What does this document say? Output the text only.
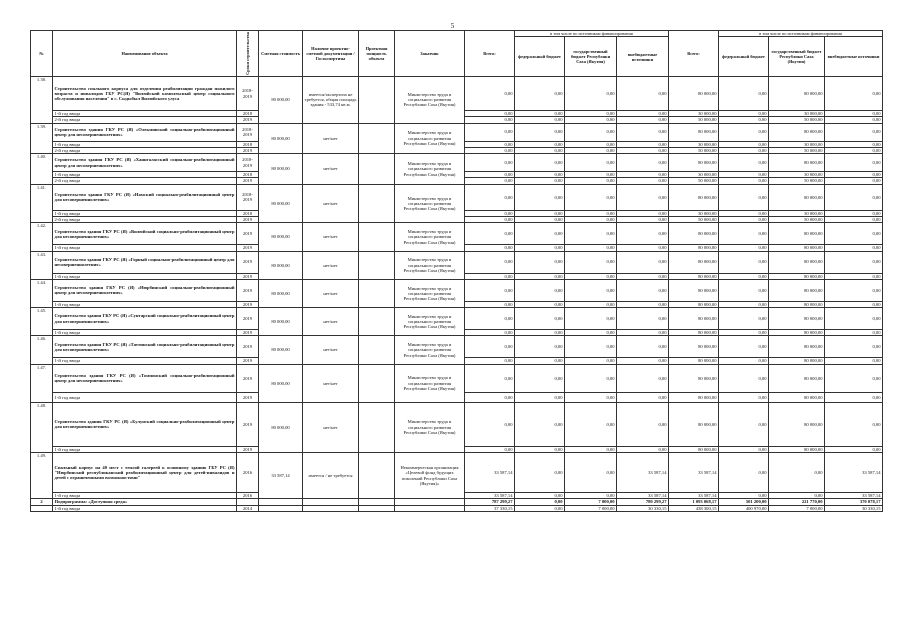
5
№	Наименование объекта	Сроки строительства	Сметная стоимость	Наличие проектно-сметной документации / Госэкспертизы	Проектная мощность объекта	Заказчик	Всего:	в том числе по источникам финансирования			Всего:	в том числе по источникам финансирования		
								федеральный бюджет	государственный бюджет Республики Саха (Якутия)	внебюджетные источники		федеральный бюджет	государственный бюджет Республики Саха (Якутия)	внебюджетные источники
1.38.	Строительство спального корпуса для отделения реабилитации граждан пожилого возраста и инвалидов ГБУ РС(Я) "Вилюйский комплексный центр социального обслуживания населения" в с. Сыдыбыл Вилюйского улуса	2018-2019	80 000,00	имеется/экспертиза не требуется, общая площадь здания - 533,74 кв.м.		Министерство труда и социального развития Республики Саха (Якутия)	0,00	0,00	0,00	0,00	80 000,00	0,00	80 000,00	0,00
	1-й год ввода	2018					0,00	0,00	0,00	0,00	30 000,00	0,00	30 000,00	0,00
	2-й год ввода	2019					0,00	0,00	0,00	0,00	50 000,00	0,00	50 000,00	0,00
1.39.	Строительство здания ГКУ РС (Я) «Олекминский социально-реабилитационный центр для несовершеннолетних»	2018-2019	80 000,00	нет/нет		Министерство труда и социального развития Республики Саха (Якутия)	0,00	0,00	0,00	0,00	80 000,00	0,00	80 000,00	0,00
	1-й год ввода	2018					0,00	0,00	0,00	0,00	30 000,00	0,00	30 000,00	0,00
	2-й год ввода	2019					0,00	0,00	0,00	0,00	50 000,00	0,00	50 000,00	0,00
1.40.	Строительство здания ГКУ РС (Я) «Ханнгаласский социально-реабилитационный центр для несовершеннолетних»	2018-2019	80 000,00	нет/нет		Министерство труда и социального развития Республики Саха (Якутия)	0,00	0,00	0,00	0,00	80 000,00	0,00	80 000,00	0,00
	1-й год ввода	2018					0,00	0,00	0,00	0,00	30 000,00	0,00	30 000,00	0,00
	2-й год ввода	2019					0,00	0,00	0,00	0,00	50 000,00	0,00	50 000,00	0,00
1.41.	Строительство здания ГКУ РС (Я) «Намский социально-реабилитационный центр для несовершеннолетних»	2018-2019	80 000,00	нет/нет		Министерство труда и социального развития Республики Саха (Якутия)	0,00	0,00	0,00	0,00	80 000,00	0,00	80 000,00	0,00
	1-й год ввода	2018					0,00	0,00	0,00	0,00	30 000,00	0,00	30 000,00	0,00
	2-й год ввода	2019					0,00	0,00	0,00	0,00	50 000,00	0,00	50 000,00	0,00
1.42.	Строительство здания ГКУ РС (Я) «Вилюйский социально-реабилитационный центр для несовершеннолетних»	2019	80 000,00	нет/нет		Министерство труда и социального развития Республики Саха (Якутия)	0,00	0,00	0,00	0,00	80 000,00	0,00	80 000,00	0,00
	1-й год ввода	2019					0,00	0,00	0,00	0,00	80 000,00	0,00	80 000,00	0,00
1.43.	Строительство здания ГКУ РС (Я) «Горный социально-реабилитационный центр для несовершеннолетних»	2019	80 000,00	нет/нет		Министерство труда и социального развития Республики Саха (Якутия)	0,00	0,00	0,00	0,00	80 000,00	0,00	80 000,00	0,00
	1-й год ввода	2019					0,00	0,00	0,00	0,00	80 000,00	0,00	80 000,00	0,00
1.44.	Строительство здания ГКУ РС (Я) «Нюрбинский социально-реабилитационный центр для несовершеннолетних»	2019	80 000,00	нет/нет		Министерство труда и социального развития Республики Саха (Якутия)	0,00	0,00	0,00	0,00	80 000,00	0,00	80 000,00	0,00
	1-й год ввода	2019					0,00	0,00	0,00	0,00	80 000,00	0,00	80 000,00	0,00
1.45.	Строительство здания ГКУ РС (Я) «Сунтарский социально-реабилитационный центр для несовершеннолетних»	2019	80 000,00	нет/нет		Министерство труда и социального развития Республики Саха (Якутия)	0,00	0,00	0,00	0,00	80 000,00	0,00	80 000,00	0,00
	1-й год ввода	2019					0,00	0,00	0,00	0,00	80 000,00	0,00	80 000,00	0,00
1.46.	Строительство здания ГКУ РС (Я) «Таттинский социально-реабилитационный центр для несовершеннолетних»	2019	80 000,00	нет/нет		Министерство труда и социального развития Республики Саха (Якутия)	0,00	0,00	0,00	0,00	80 000,00	0,00	80 000,00	0,00
	1-й год ввода	2019					0,00	0,00	0,00	0,00	80 000,00	0,00	80 000,00	0,00
1.47.	Строительство здания ГКУ РС (Я) «Томпонский социально-реабилитационный центр для несовершеннолетних»	2019	80 000,00	нет/нет		Министерство труда и социального развития Республики Саха (Якутия)	0,00	0,00	0,00	0,00	80 000,00	0,00	80 000,00	0,00
	1-й год ввода	2019					0,00	0,00	0,00	0,00	80 000,00	0,00	80 000,00	0,00
1.48.	Строительство здания ГКУ РС (Я) «Булунский социально-реабилитационный центр для несовершеннолетних»	2019	80 000,00	нет/нет		Министерство труда и социального развития Республики Саха (Якутия)	0,00	0,00	0,00	0,00	80 000,00	0,00	80 000,00	0,00
	1-й год ввода	2019					0,00	0,00	0,00	0,00	80 000,00	0,00	80 000,00	0,00
1.49.	Спальный корпус на 40 мест с теплой галереей к основному зданию ГБУ РС (Я) "Нюрбинский республиканский реабилитационный центр для детей-инвалидов и детей с ограниченными возможностями"	2016	33 587,14	имеется / не требуется		Некоммерческая организация «Целевой фонд будущих поколений Республики Саха (Якутия)»	33 587,14	0,00	0,00	33 587,14	33 587,14	0,00	0,00	33 587,14
	1-й год ввода	2016					33 587,14	0,00	0,00	33 587,14	33 587,14	0,00	0,00	33 587,14
2	Подпрограмма: «Доступная среда»						787 299,27	0,00	7 000,00	780 299,27	1 093 068,17	501 200,00	221 770,00	370 078,17
	1-й год ввода	2014					37 330,15	0,00	7 000,00	30 330,15	438 300,15	400 970,00	7 000,00	30 330,15
